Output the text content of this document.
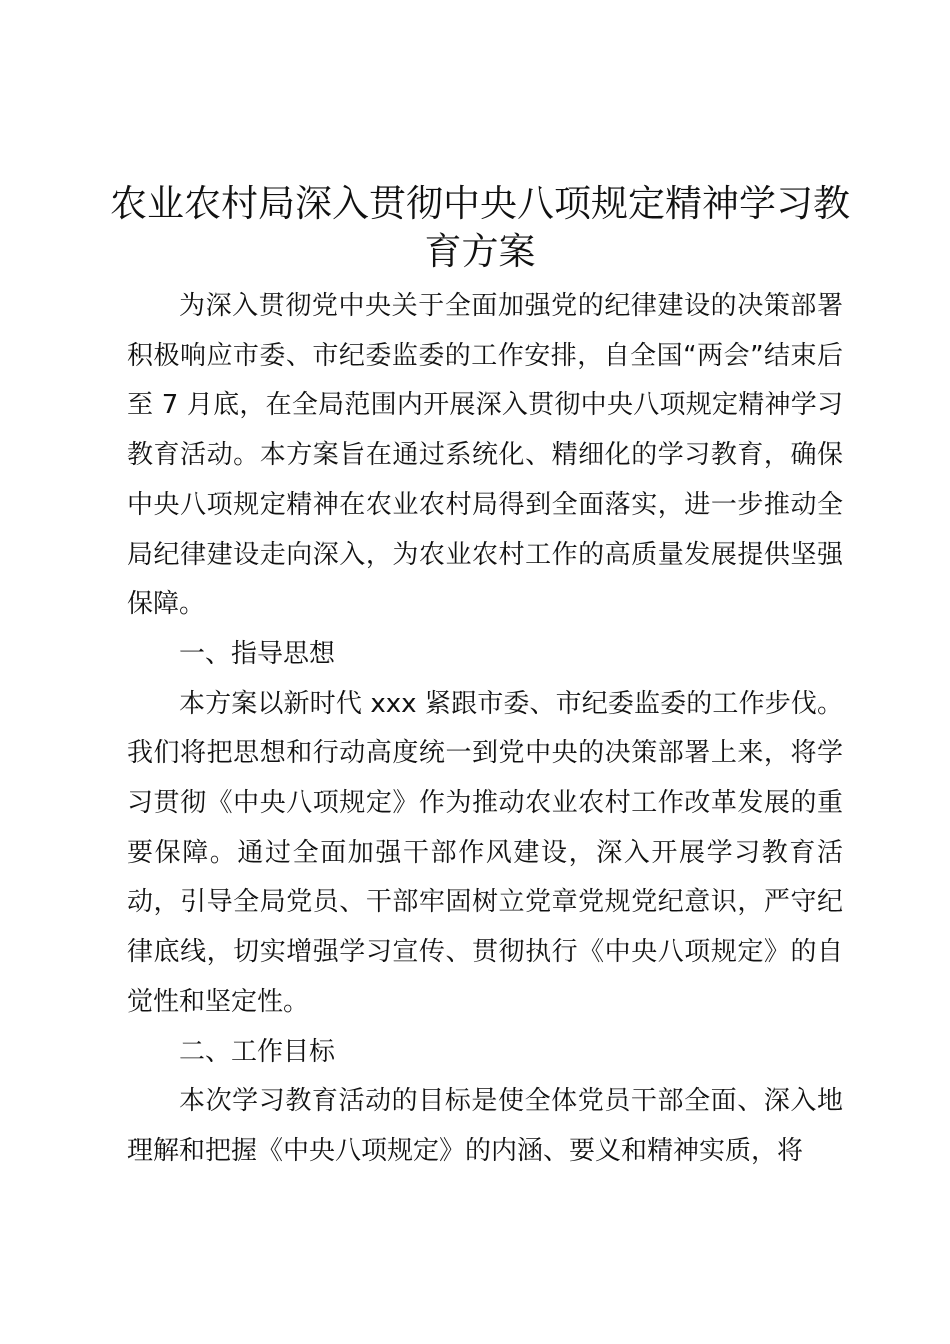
农业农村局深入贯彻中央八项规定精神学习教
育方案

为深入贯彻党中央关于全面加强党的纪律建设的决策部署积极响应市委、市纪委监委的工作安排，自全国“两会”结束后至 7 月底，在全局范围内开展深入贯彻中央八项规定精神学习教育活动。本方案旨在通过系统化、精细化的学习教育，确保中央八项规定精神在农业农村局得到全面落实，进一步推动全局纪律建设走向深入，为农业农村工作的高质量发展提供坚强保障。

一、指导思想

本方案以新时代 xxx 紧跟市委、市纪委监委的工作步伐。我们将把思想和行动高度统一到党中央的决策部署上来，将学习贯彻《中央八项规定》作为推动农业农村工作改革发展的重要保障。通过全面加强干部作风建设，深入开展学习教育活动，引导全局党员、干部牢固树立党章党规党纪意识，严守纪律底线，切实增强学习宣传、贯彻执行《中央八项规定》的自觉性和坚定性。

二、工作目标

本次学习教育活动的目标是使全体党员干部全面、深入地理解和把握《中央八项规定》的内涵、要义和精神实质，将
